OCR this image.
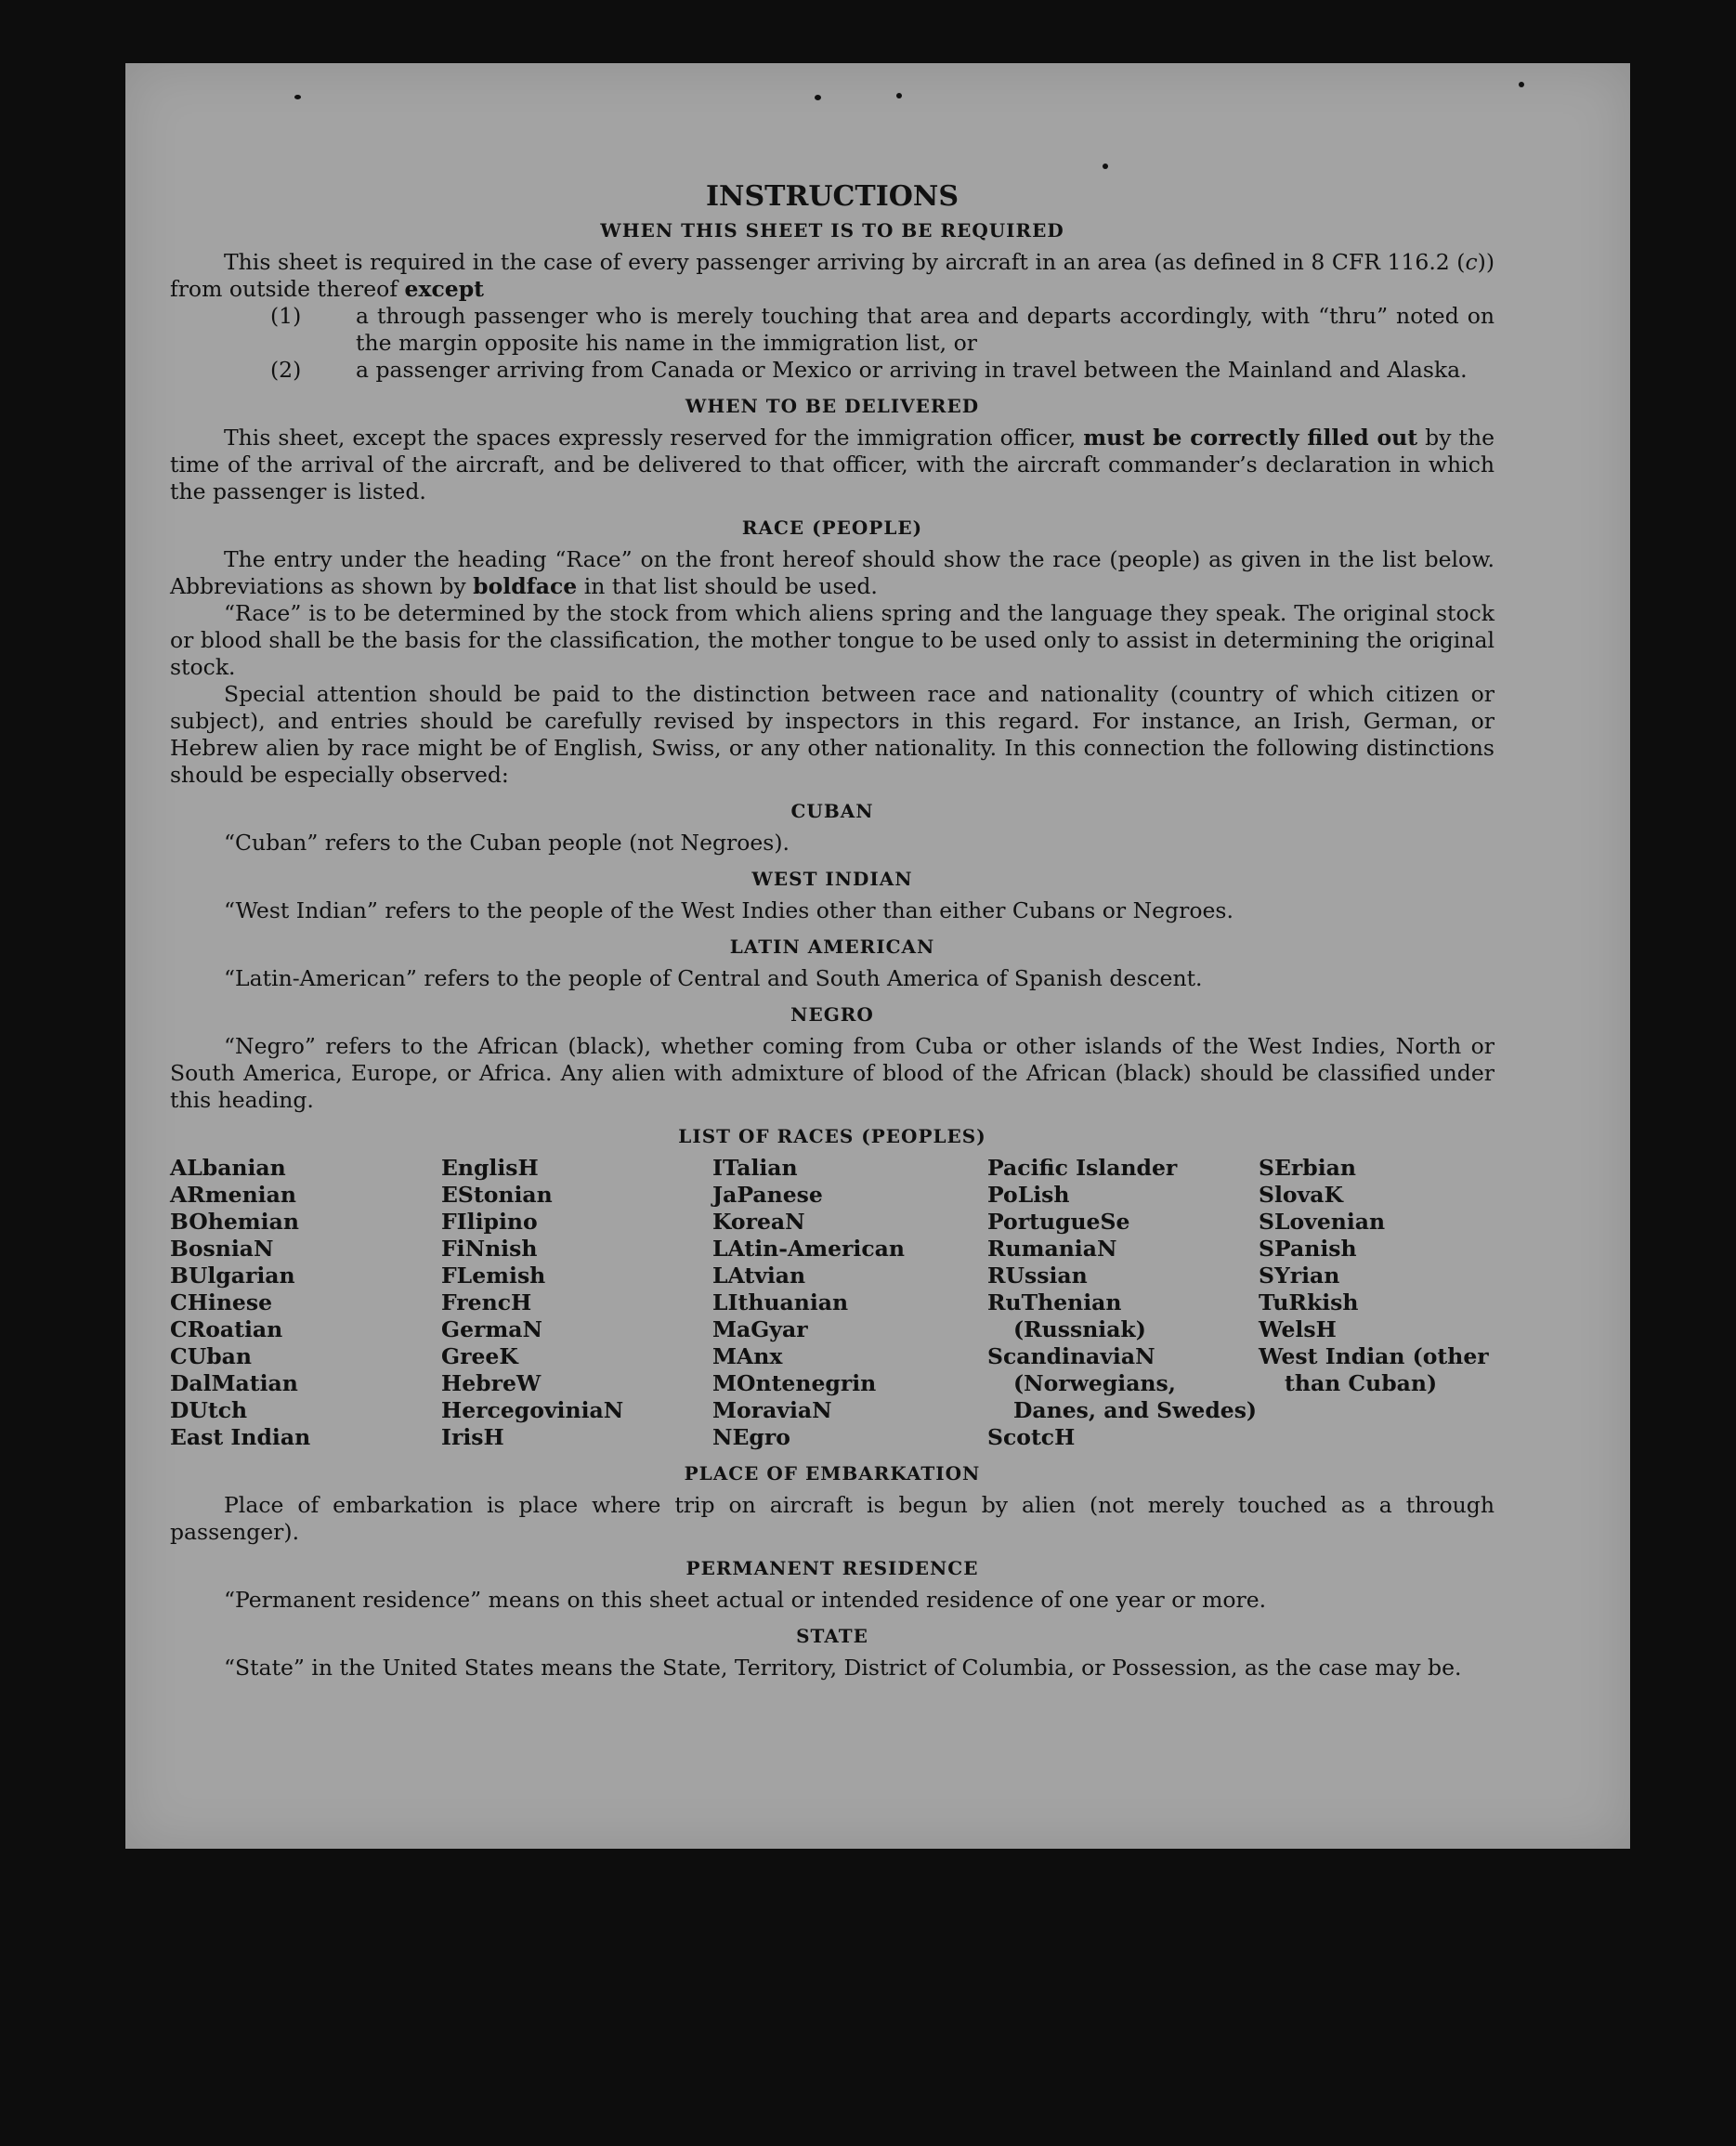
INSTRUCTIONS
WHEN THIS SHEET IS TO BE REQUIRED

This sheet is required in the case of every passenger arriving by aircraft in an area (as defined in 8 CFR 116.2 (c)) from outside thereof except

(1) a through passenger who is merely touching that area and departs accordingly, with “thru” noted on the margin opposite his name in the immigration list, or

(2) a passenger arriving from Canada or Mexico or arriving in travel between the Mainland and Alaska.

WHEN TO BE DELIVERED

This sheet, except the spaces expressly reserved for the immigration officer, must be correctly filled out by the time of the arrival of the aircraft, and be delivered to that officer, with the aircraft commander’s declaration in which the passenger is listed.

RACE (PEOPLE)

The entry under the heading “Race” on the front hereof should show the race (people) as given in the list below. Abbreviations as shown by boldface in that list should be used.

“Race” is to be determined by the stock from which aliens spring and the language they speak. The original stock or blood shall be the basis for the classification, the mother tongue to be used only to assist in determining the original stock.

Special attention should be paid to the distinction between race and nationality (country of which citizen or subject), and entries should be carefully revised by inspectors in this regard. For instance, an Irish, German, or Hebrew alien by race might be of English, Swiss, or any other nationality. In this connection the following distinctions should be especially observed:

CUBAN

“Cuban” refers to the Cuban people (not Negroes).

WEST INDIAN

“West Indian” refers to the people of the West Indies other than either Cubans or Negroes.

LATIN AMERICAN

“Latin-American” refers to the people of Central and South America of Spanish descent.

NEGRO

“Negro” refers to the African (black), whether coming from Cuba or other islands of the West Indies, North or South America, Europe, or Africa. Any alien with admixture of blood of the African (black) should be classified under this heading.

LIST OF RACES (PEOPLES)
ALbanian
ARmenian
BOhemian
BosniaN
BUlgarian
CHinese
CRoatian
CUban
DalMatian
DUtch
East Indian
EnglisH
EStonian
FIlipino
FiNnish
FLemish
FrencH
GermaN
GreeK
HebreW
HercegoviniaN
IrisH
ITalian
JaPanese
KoreaN
LAtin-American
LAtvian
LIthuanian
MaGyar
MAnx
MOntenegrin
MoraviaN
NEgro
Pacific Islander
PoLish
PortugueSe
RumaniaN
RUssian
RuThenian (Russniak)
ScandinaviaN (Norwegians, Danes, and Swedes)
ScotcH
SErbian
SlovaK
SLovenian
SPanish
SYrian
TuRkish
WelsH
West Indian (other than Cuban)
PLACE OF EMBARKATION

Place of embarkation is place where trip on aircraft is begun by alien (not merely touched as a through passenger).

PERMANENT RESIDENCE

“Permanent residence” means on this sheet actual or intended residence of one year or more.

STATE

“State” in the United States means the State, Territory, District of Columbia, or Possession, as the case may be.
